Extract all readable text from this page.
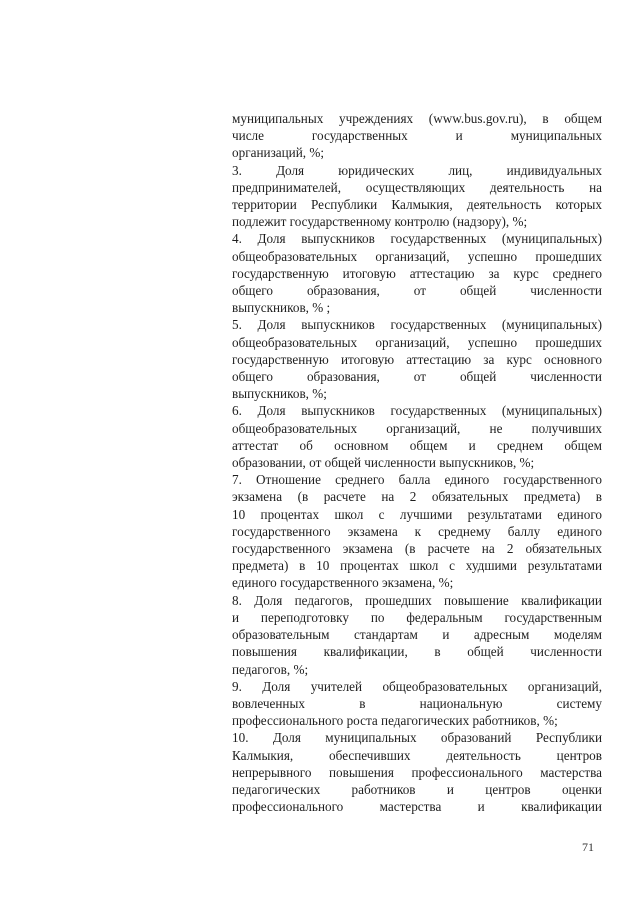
муниципальных учреждениях (www.bus.gov.ru), в общем
числе государственных и муниципальных
организаций, %;
3. Доля юридических лиц, индивидуальных
предпринимателей, осуществляющих деятельность на
территории Республики Калмыкия, деятельность которых
подлежит государственному контролю (надзору), %;
4. Доля выпускников государственных (муниципальных)
общеобразовательных организаций, успешно прошедших
государственную итоговую аттестацию за курс среднего
общего образования, от общей численности
выпускников, % ;
5. Доля выпускников государственных (муниципальных)
общеобразовательных организаций, успешно прошедших
государственную итоговую аттестацию за курс основного
общего образования, от общей численности
выпускников, %;
6. Доля выпускников государственных (муниципальных)
общеобразовательных организаций, не получивших
аттестат об основном общем и среднем общем
образовании, от общей численности выпускников, %;
7. Отношение среднего балла единого государственного
экзамена (в расчете на 2 обязательных предмета) в
10 процентах школ с лучшими результатами единого
государственного экзамена к среднему баллу единого
государственного экзамена (в расчете на 2 обязательных
предмета) в 10 процентах школ с худшими результатами
единого государственного экзамена, %;
8. Доля педагогов, прошедших повышение квалификации
и переподготовку по федеральным государственным
образовательным стандартам и адресным моделям
повышения квалификации, в общей численности
педагогов, %;
9. Доля учителей общеобразовательных организаций,
вовлеченных в национальную систему
профессионального роста педагогических работников, %;
10. Доля муниципальных образований Республики
Калмыкия, обеспечивших деятельность центров
непрерывного повышения профессионального мастерства
педагогических работников и центров оценки
профессионального мастерства и квалификации
71
